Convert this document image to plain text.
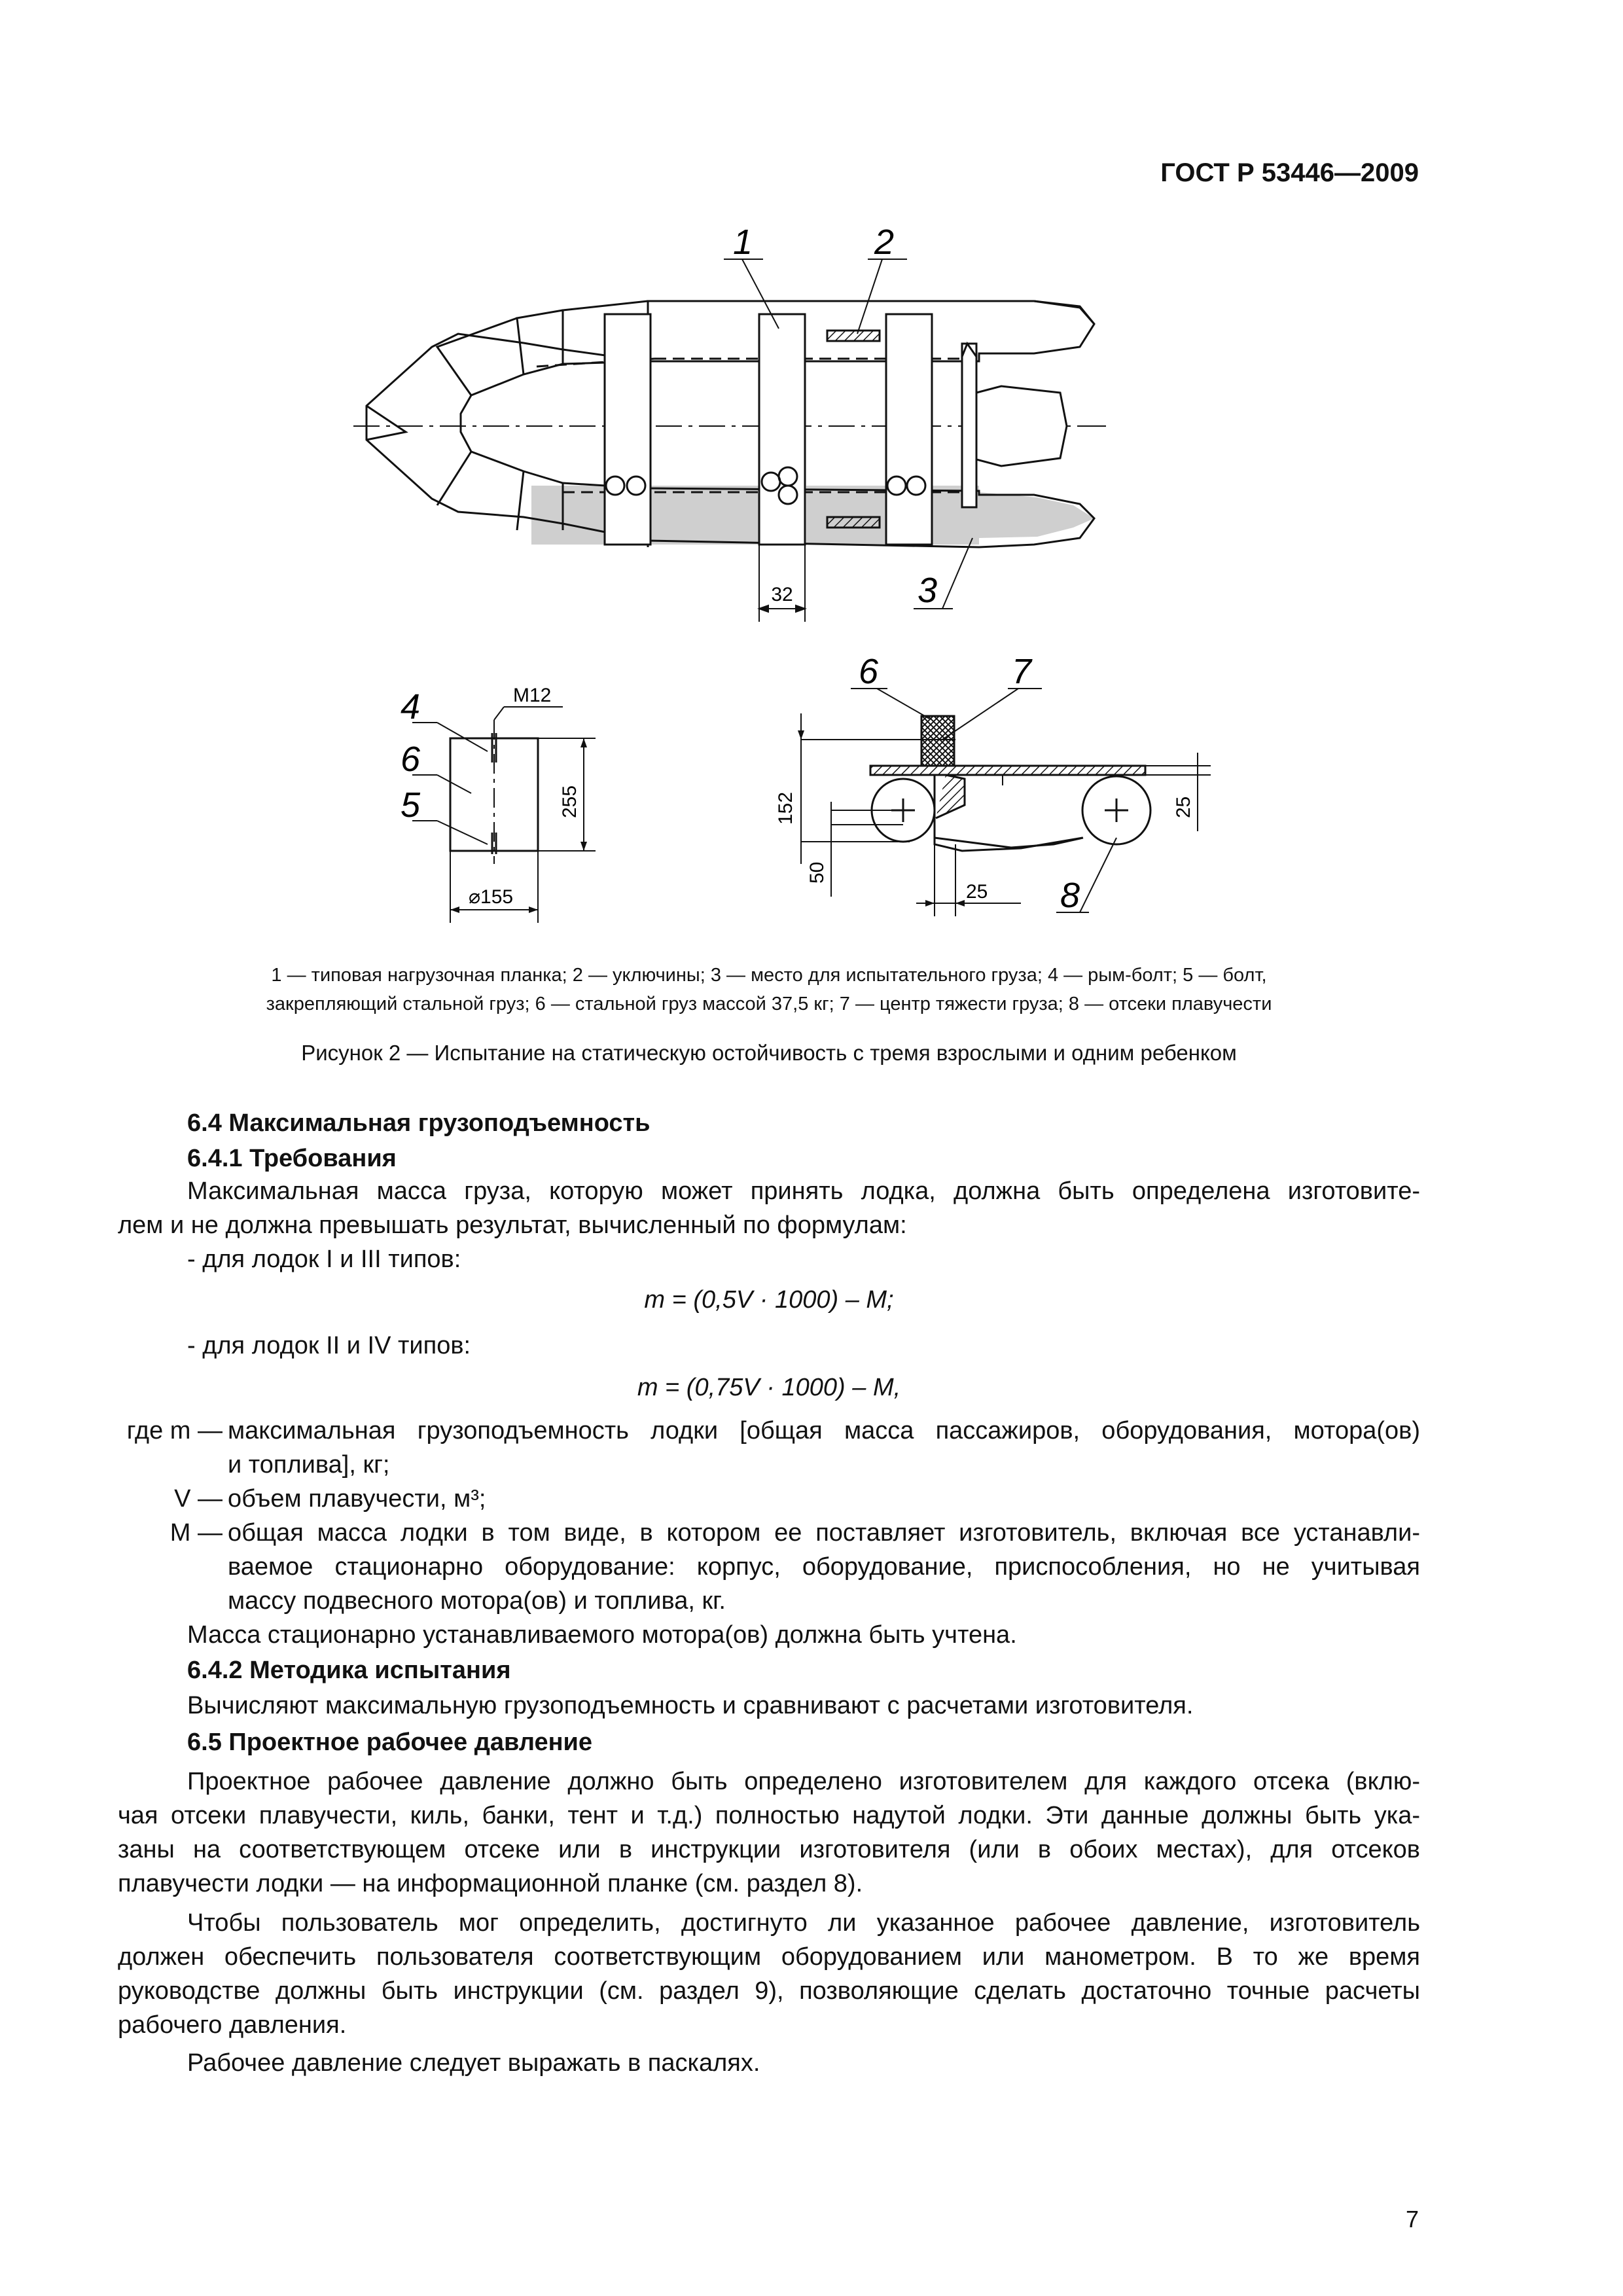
ГОСТ Р 53446—2009
32
1	2
3
M12
255
⌀155
4
6
5	152
50
25
25
6	7
8
1 — типовая нагрузочная планка; 2 — уключины; 3 — место для испытательного груза; 4 — рым-болт; 5 — болт,
закрепляющий стальной груз; 6 — стальной груз массой 37,5 кг; 7 — центр тяжести груза; 8 — отсеки плавучести
Рисунок 2 — Испытание на статическую остойчивость с тремя взрослыми и одним ребенком
6.4 Максимальная грузоподъемность
6.4.1 Требования
Максимальная масса груза, которую может принять лодка, должна быть определена изготовите-
лем и не должна превышать результат, вычисленный по формулам:
- для лодок I и III типов:
m = (0,5V · 1000) – M;
- для лодок II и IV типов:
m = (0,75V · 1000) – M,
где m — максимальная грузоподъемность лодки [общая масса пассажиров, оборудования, мотора(ов)
и топлива], кг;
V — объем плавучести, м³;
M — общая масса лодки в том виде, в котором ее поставляет изготовитель, включая все устанавли-
ваемое стационарно оборудование: корпус, оборудование, приспособления, но не учитывая
массу подвесного мотора(ов) и топлива, кг.
Масса стационарно устанавливаемого мотора(ов) должна быть учтена.
6.4.2 Методика испытания
Вычисляют максимальную грузоподъемность и сравнивают с расчетами изготовителя.
6.5 Проектное рабочее давление
Проектное рабочее давление должно быть определено изготовителем для каждого отсека (вклю-
чая отсеки плавучести, киль, банки, тент и т.д.) полностью надутой лодки. Эти данные должны быть ука-
заны на соответствующем отсеке или в инструкции изготовителя (или в обоих местах), для отсеков
плавучести лодки — на информационной планке (см. раздел 8).
Чтобы пользователь мог определить, достигнуто ли указанное рабочее давление, изготовитель
должен обеспечить пользователя соответствующим оборудованием или манометром. В то же время
руководстве должны быть инструкции (см. раздел 9), позволяющие сделать достаточно точные расчеты
рабочего давления.
Рабочее давление следует выражать в паскалях.
7
